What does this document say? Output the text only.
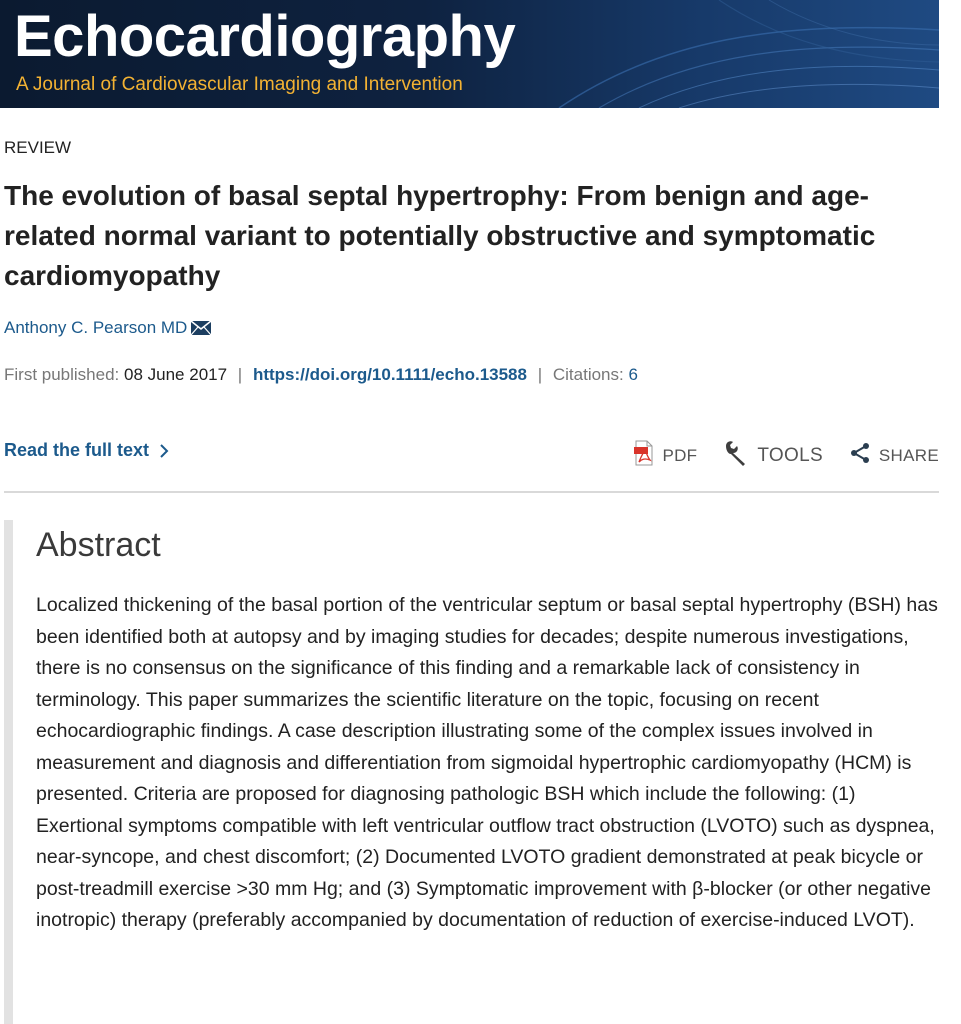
Echocardiography
A Journal of Cardiovascular Imaging and Intervention
REVIEW
The evolution of basal septal hypertrophy: From benign and age-related normal variant to potentially obstructive and symptomatic cardiomyopathy
Anthony C. Pearson MD
First published: 08 June 2017 | https://doi.org/10.1111/echo.13588 | Citations: 6
Read the full text	PDF	TOOLS	SHARE
Abstract

Localized thickening of the basal portion of the ventricular septum or basal septal hypertrophy (BSH) has been identified both at autopsy and by imaging studies for decades; despite numerous investigations, there is no consensus on the significance of this finding and a remarkable lack of consistency in terminology. This paper summarizes the scientific literature on the topic, focusing on recent echocardiographic findings. A case description illustrating some of the complex issues involved in measurement and diagnosis and differentiation from sigmoidal hypertrophic cardiomyopathy (HCM) is presented. Criteria are proposed for diagnosing pathologic BSH which include the following: (1) Exertional symptoms compatible with left ventricular outflow tract obstruction (LVOTO) such as dyspnea, near-syncope, and chest discomfort; (2) Documented LVOTO gradient demonstrated at peak bicycle or post-treadmill exercise >30 mm Hg; and (3) Symptomatic improvement with β-blocker (or other negative inotropic) therapy (preferably accompanied by documentation of reduction of exercise-induced LVOT).
